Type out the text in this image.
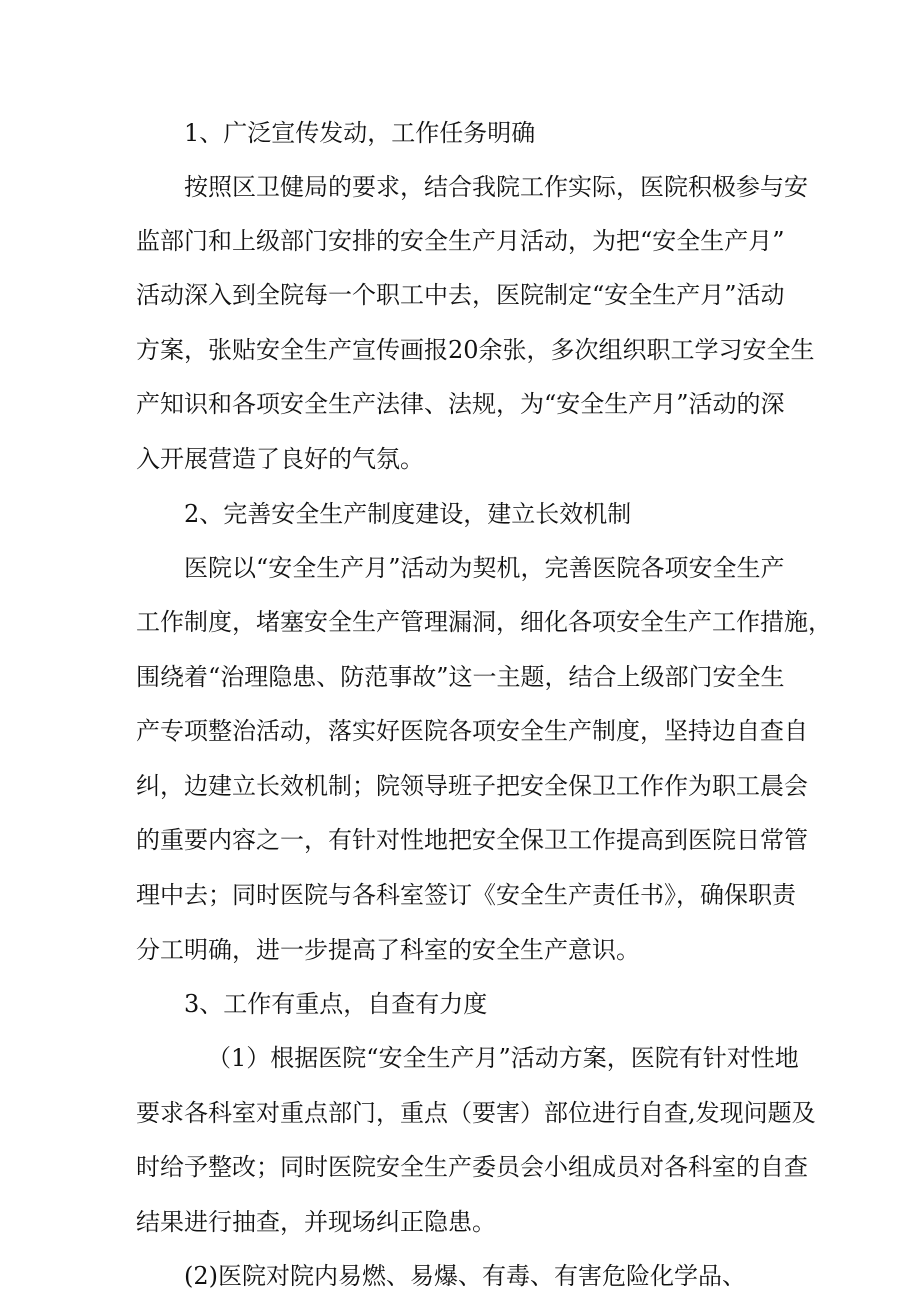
1、广泛宣传发动，工作任务明确
按照区卫健局的要求，结合我院工作实际，医院积极参与安
监部门和上级部门安排的安全生产月活动，为把“安全生产月”
活动深入到全院每一个职工中去，医院制定“安全生产月”活动
方案，张贴安全生产宣传画报20余张，多次组织职工学习安全生
产知识和各项安全生产法律、法规，为“安全生产月”活动的深
入开展营造了良好的气氛。
2、完善安全生产制度建设，建立长效机制
医院以“安全生产月”活动为契机，完善医院各项安全生产
工作制度，堵塞安全生产管理漏洞，细化各项安全生产工作措施，
围绕着“治理隐患、防范事故”这一主题，结合上级部门安全生
产专项整治活动，落实好医院各项安全生产制度，坚持边自查自
纠，边建立长效机制；院领导班子把安全保卫工作作为职工晨会
的重要内容之一，有针对性地把安全保卫工作提高到医院日常管
理中去；同时医院与各科室签订《安全生产责任书》，确保职责
分工明确，进一步提高了科室的安全生产意识。
3、工作有重点，自查有力度
（1）根据医院“安全生产月”活动方案，医院有针对性地
要求各科室对重点部门，重点（要害）部位进行自查,发现问题及
时给予整改；同时医院安全生产委员会小组成员对各科室的自查
结果进行抽查，并现场纠正隐患。
(2)医院对院内易燃、易爆、有毒、有害危险化学品、
